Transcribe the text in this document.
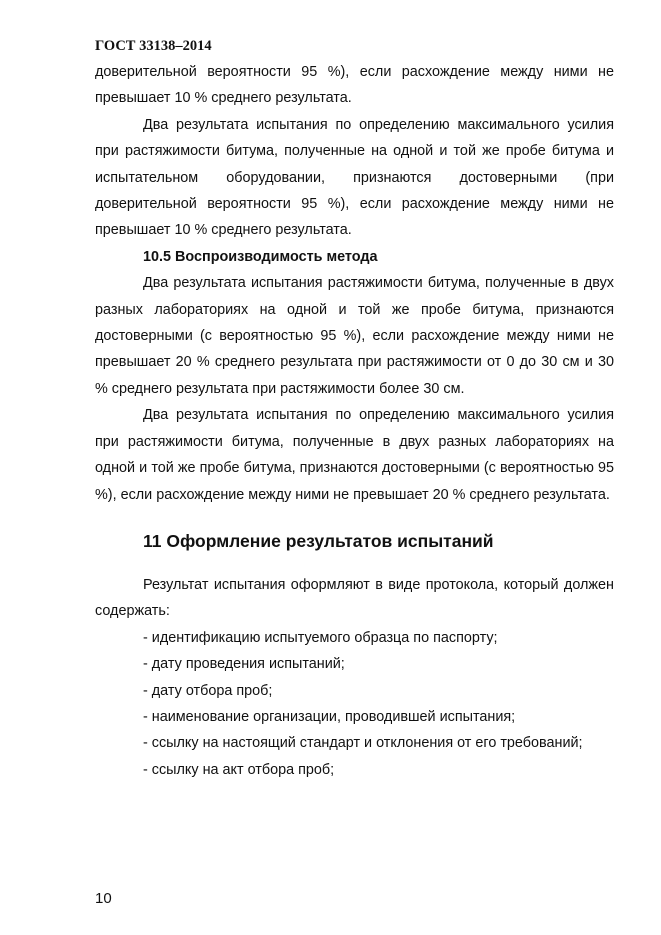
ГОСТ 33138–2014

доверительной вероятности 95 %), если расхождение между ними не превышает 10 % среднего результата.

Два результата испытания по определению максимального усилия при растяжимости битума, полученные на одной и той же пробе битума и испытательном оборудовании, признаются достоверными (при доверительной вероятности 95 %), если расхождение между ними не превышает 10 % среднего результата.

10.5 Воспроизводимость метода

Два результата испытания растяжимости битума, полученные в двух разных лабораториях на одной и той же пробе битума, признаются достоверными (с вероятностью 95 %), если расхождение между ними не превышает 20 % среднего результата при растяжимости от 0 до 30 см и 30 % среднего результата при растяжимости более 30 см.

Два результата испытания по определению максимального усилия при растяжимости битума, полученные в двух разных лабораториях на одной и той же пробе битума, признаются достоверными (с вероятностью 95 %), если расхождение между ними не превышает 20 % среднего результата.

11 Оформление результатов испытаний

Результат испытания оформляют в виде протокола, который должен содержать:

- идентификацию испытуемого образца по паспорту;

- дату проведения испытаний;

- дату отбора проб;

- наименование организации, проводившей испытания;

- ссылку на настоящий стандарт и отклонения от его требований;

- ссылку на акт отбора проб;

10
